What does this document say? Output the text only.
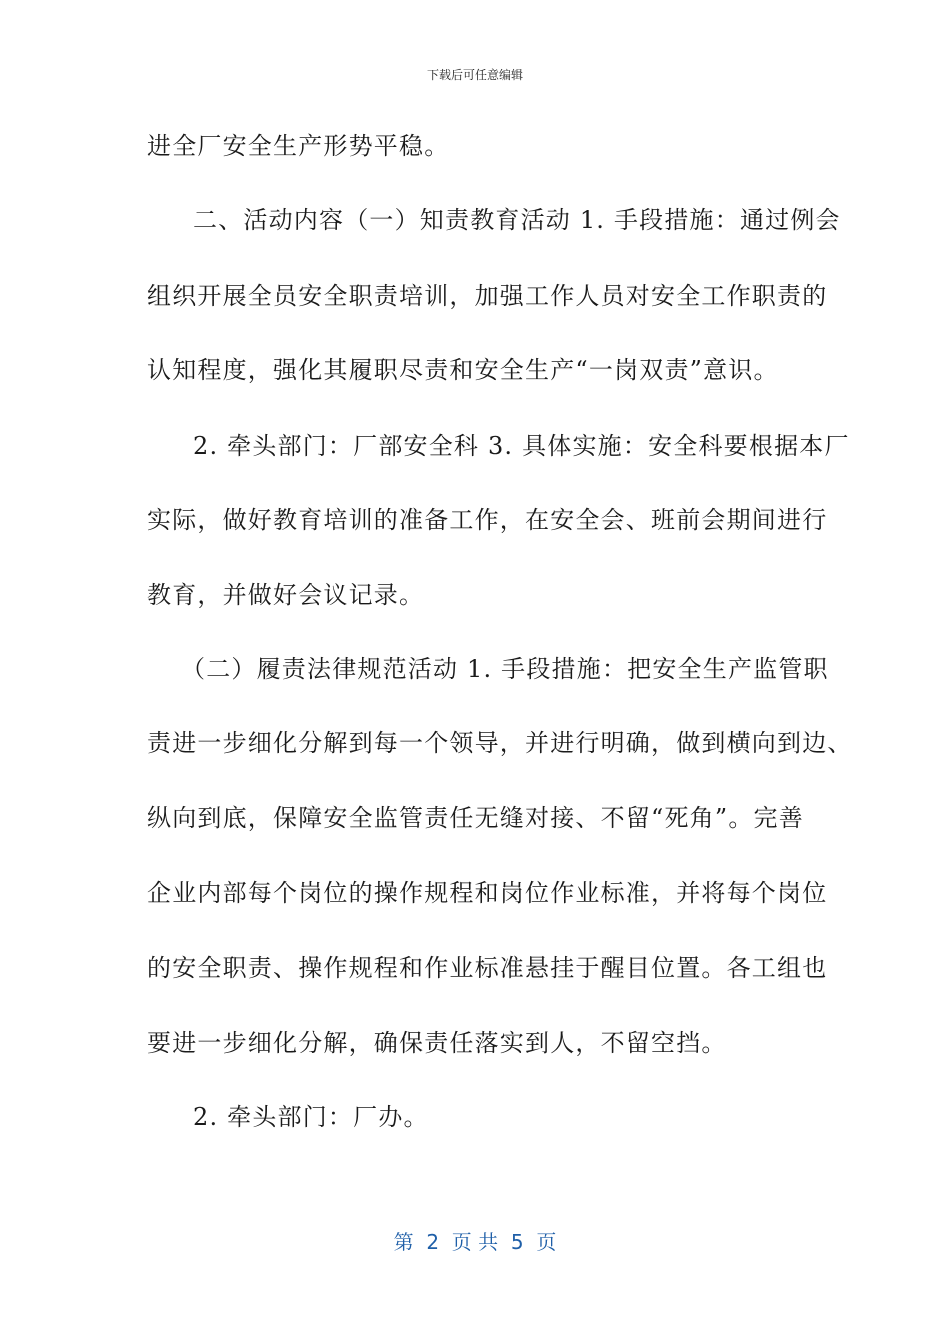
下载后可任意编辑
进全厂安全生产形势平稳。
二、活动内容（一）知责教育活动 1. 手段措施：通过例会
组织开展全员安全职责培训，加强工作人员对安全工作职责的
认知程度，强化其履职尽责和安全生产“一岗双责”意识。
2. 牵头部门：厂部安全科 3. 具体实施：安全科要根据本厂
实际，做好教育培训的准备工作，在安全会、班前会期间进行
教育，并做好会议记录。
（二）履责法律规范活动 1. 手段措施：把安全生产监管职
责进一步细化分解到每一个领导，并进行明确，做到横向到边、
纵向到底，保障安全监管责任无缝对接、不留“死角”。完善
企业内部每个岗位的操作规程和岗位作业标准，并将每个岗位
的安全职责、操作规程和作业标准悬挂于醒目位置。各工组也
要进一步细化分解，确保责任落实到人，不留空挡。
2. 牵头部门：厂办。
第  2  页 共  5  页
